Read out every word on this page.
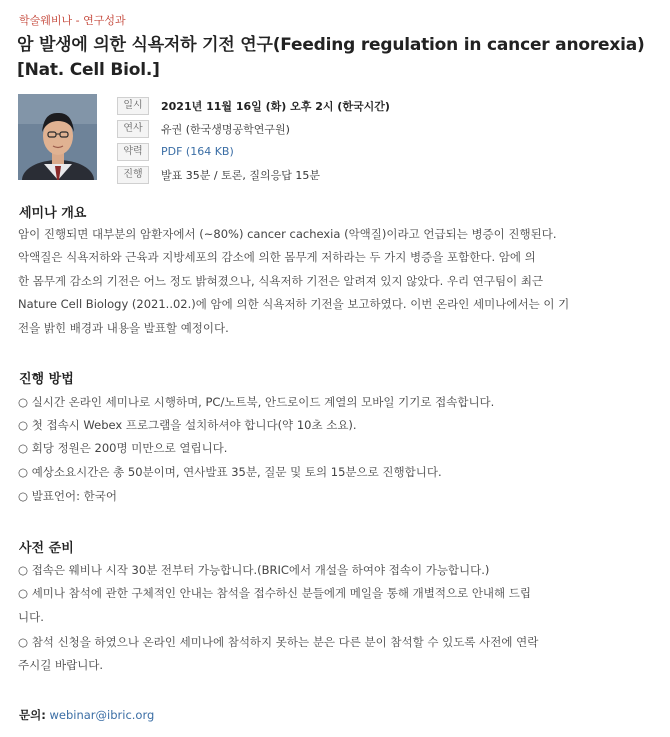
학술웨비나 - 연구성과
암 발생에 의한 식욕저하 기전 연구(Feeding regulation in cancer anorexia) [Nat. Cell Biol.]
일시	2021년 11월 16일 (화) 오후 2시 (한국시간)
연사	유권 (한국생명공학연구원)
약력	PDF (164 KB)
진행	발표 35분 / 토론, 질의응답 15분
세미나 개요

암이 진행되면 대부분의 암환자에서 (~80%) cancer cachexia (악액질)이라고 언급되는 병증이 진행된다.

악액질은 식욕저하와 근육과 지방세포의 감소에 의한 몸무게 저하라는 두 가지 병증을 포함한다. 암에 의

한 몸무게 감소의 기전은 어느 정도 밝혀졌으나, 식욕저하 기전은 알려져 있지 않았다. 우리 연구팀이 최근

Nature Cell Biology (2021..02.)에 암에 의한 식욕저하 기전을 보고하였다. 이번 온라인 세미나에서는 이 기

전을 밝힌 배경과 내용을 발표할 예정이다.

진행 방법

○ 실시간 온라인 세미나로 시행하며, PC/노트북, 안드로이드 계열의 모바일 기기로 접속합니다.

○ 첫 접속시 Webex 프로그램을 설치하셔야 합니다(약 10초 소요).

○ 회당 정원은 200명 미만으로 열립니다.

○ 예상소요시간은 총 50분이며, 연사발표 35분, 질문 및 토의 15분으로 진행합니다.

○ 발표언어: 한국어

사전 준비

○ 접속은 웨비나 시작 30분 전부터 가능합니다.(BRIC에서 개설을 하여야 접속이 가능합니다.)

○ 세미나 참석에 관한 구체적인 안내는 참석을 접수하신 분들에게 메일을 통해 개별적으로 안내해 드립

니다.

○ 참석 신청을 하였으나 온라인 세미나에 참석하지 못하는 분은 다른 분이 참석할 수 있도록 사전에 연락

주시길 바랍니다.

문의: webinar@ibric.org
